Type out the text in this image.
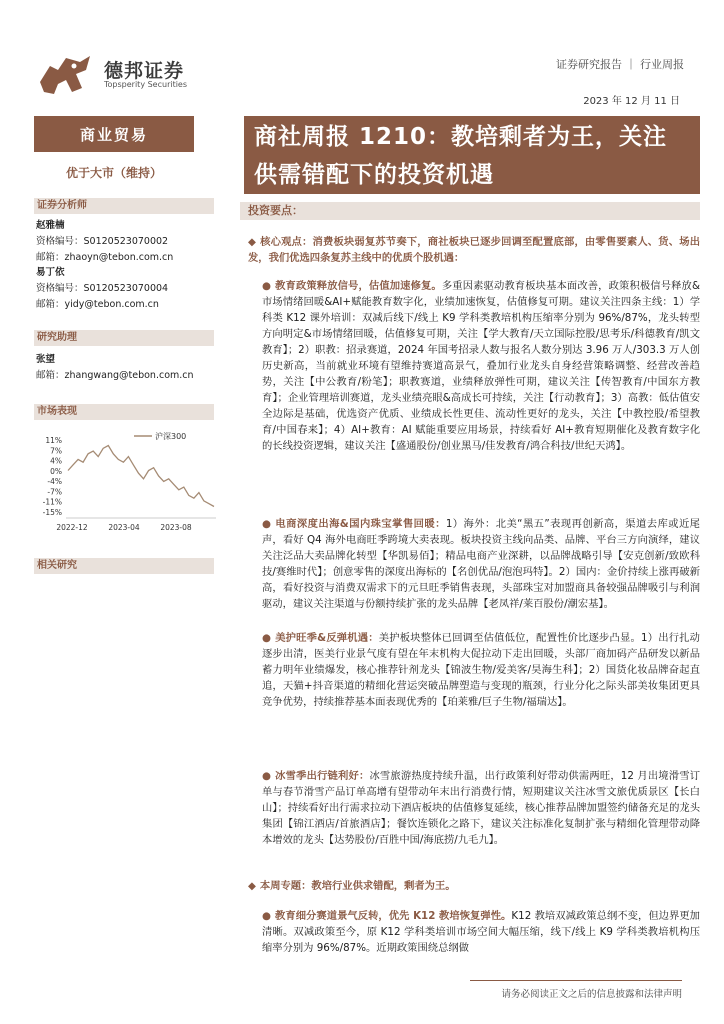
德邦证券
Topsperity Securities
证券研究报告 ｜ 行业周报
2023 年 12 月 11 日
商业贸易
优于大市（维持）
商社周报 1210：教培剩者为王，关注供需错配下的投资机遇
证券分析师
赵雅楠
资格编号：S0120523070002
邮箱：zhaoyn@tebon.com.cn
易丁依
资格编号：S0120523070004
邮箱：yidy@tebon.com.cn
研究助理
张望
邮箱：zhangwang@tebon.com.cn
市场表现
11%
7%
4%
0%
-4%
-7%
-11%
-15%
2022-12	2023-04	2023-08
沪深300
相关研究
投资要点：
◆ 核心观点：消费板块弱复苏节奏下，商社板块已逐步回调至配置底部，由零售要素人、货、场出发，我们优选四条复苏主线中的优质个股机遇：
● 教育政策释放信号，估值加速修复。多重因素驱动教育板块基本面改善，政策积极信号释放&市场情绪回暖&AI+赋能教育数字化，业绩加速恢复，估值修复可期。建议关注四条主线：1）学科类 K12 课外培训：双减后线下/线上 K9 学科类教培机构压缩率分别为 96%/87%，龙头转型方向明定&市场情绪回暖，估值修复可期，关注【学大教育/天立国际控股/思考乐/科德教育/凯文教育】；2）职教：招录赛道，2024 年国考招录人数与报名人数分别达 3.96 万人/303.3 万人创历史新高，当前就业环境有望维持赛道高景气，叠加行业龙头自身经营策略调整、经营改善趋势，关注【中公教育/粉笔】；职教赛道，业绩释放弹性可期，建议关注【传智教育/中国东方教育】；企业管理培训赛道，龙头业绩亮眼&高成长可持续，关注【行动教育】；3）高教：低估值安全边际是基础，优选资产优质、业绩成长性更佳、流动性更好的龙头，关注【中教控股/希望教育/中国春来】；4）AI+教育：AI 赋能重要应用场景，持续看好 AI+教育短期催化及教育数字化的长线投资逻辑，建议关注【盛通股份/创业黑马/佳发教育/鸿合科技/世纪天鸿】。
● 电商深度出海&国内珠宝掌售回暖：1）海外：北美“黑五”表现再创新高，渠道去库或近尾声，看好 Q4 海外电商旺季跨境大卖表现。板块投资主线向品类、品牌、平台三方向演绎，建议关注泛品大卖品牌化转型【华凯易佰】；精品电商产业深耕，以品牌战略引导【安克创新/致欧科技/赛维时代】；创意零售的深度出海标的【名创优品/泡泡玛特】。2）国内：金价持续上涨再破新高，看好投资与消费双需求下的元旦旺季销售表现，头部珠宝对加盟商具备较强品牌吸引与利润驱动，建议关注渠道与份额持续扩张的龙头品牌【老凤祥/莱百股份/潮宏基】。
● 美护旺季&反弹机遇：美护板块整体已回调至估值低位，配置性价比逐步凸显。1）出行扎动逐步出清，医美行业景气度有望在年末机构大促拉动下走出回暖，头部厂商加码产品研发以新品蓄力明年业绩爆发，核心推荐针剂龙头【锦波生物/爱美客/昊海生科】；2）国货化妆品牌奋起直追，天猫+抖音渠道的精细化营运突破品牌塑造与变现的瓶颈，行业分化之际头部美妆集团更具竞争优势，持续推荐基本面表现优秀的【珀莱雅/巨子生物/福瑞达】。
● 冰雪季出行链利好：冰雪旅游热度持续升温，出行政策利好带动供需两旺，12 月出境滑雪订单与春节滑雪产品订单高增有望带动年末出行消费行情，短期建议关注冰雪文旅优质景区【长白山】；持续看好出行需求拉动下酒店板块的估值修复延续，核心推荐品牌加盟签约储备充足的龙头集团【锦江酒店/首旅酒店】；餐饮连锁化之路下，建议关注标准化复制扩张与精细化管理带动降本增效的龙头【达势股份/百胜中国/海底捞/九毛九】。
◆ 本周专题：教培行业供求错配，剩者为王。
● 教育细分赛道景气反转，优先 K12 教培恢复弹性。K12 教培双减政策总纲不变，但边界更加清晰。双减政策至今，原 K12 学科类培训市场空间大幅压缩，线下/线上 K9 学科类教培机构压缩率分别为 96%/87%。近期政策围绕总纲做
请务必阅读正文之后的信息披露和法律声明
